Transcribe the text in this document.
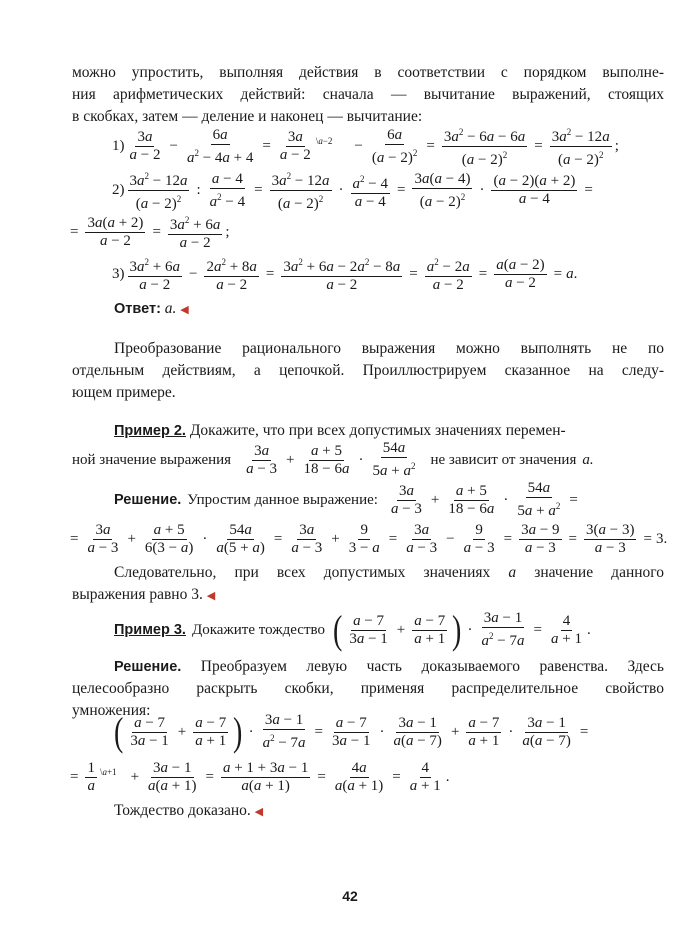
можно упростить, выполняя действия в соответствии с порядком выполне-
ния арифметических действий: сначала — вычитание выражений, стоящих
в скобках, затем — деление и наконец — вычитание:
1)
3a
a − 2
− $\frac{6a}{a^2 - 4a + 4} = \frac{3a}{a - 2}$ \a−2 − $\frac{6a}{(a - 2)^2} = \frac{3a^2 - 6a - 6a}{(a - 2)^2} = \frac{3a^2 - 12a}{(a - 2)^2}$ ;
2)
$3a^2 - 12a$
$(a - 2)^2$
: $\frac{a - 4}{a^2 - 4} = \frac{3a^2 - 12a}{(a - 2)^2} \cdot \frac{a^2 - 4}{a - 4} = \frac{3a(a - 4)}{(a - 2)^2} \cdot \frac{(a - 2)(a + 2)}{a - 4}$ =
= $\frac{3a(a + 2)}{a - 2} = \frac{3a^2 + 6a}{a - 2}$ ;
3) $3a^2 + 6a$
a − 2
− $\frac{2a^2 + 8a}{a - 2} = \frac{3a^2 + 6a - 2a^2 - 8a}{a - 2} = \frac{a^2 - 2a}{a - 2} = \frac{a(a - 2)}{a - 2} = a$.
Ответ: a. ◀
Преобразование рационального выражения можно выполнять не по
отдельным действиям, а цепочкой. Проиллюстрируем сказанное на следу-
ющем примере.
Пример 2. Докажите, что при всех допустимых значениях перемен-
ной значение выражения
3a
a − 3
+ $\frac{a + 5}{18 - 6a}$ ·
54a
$5a + a^2$ не зависит от значения a.
Решение. Упростим данное выражение:
3a
a − 3
+ $\frac{a + 5}{18 - 6a} \cdot \frac{54a}{5a + a^2}$ =
= $\frac{3a}{a - 3} + \frac{a + 5}{6(3 - a)} \cdot \frac{54a}{a(5 + a)} = \frac{3a}{a - 3} + \frac{9}{3 - a} = \frac{3a}{a - 3} - \frac{9}{a - 3} = \frac{3a - 9}{a - 3} = \frac{3(a - 3)}{a - 3} = 3$.
Следовательно, при всех допустимых значениях a значение данного
выражения равно 3. ◀
Пример 3. Докажите тождество ( a − 7
3a − 1
+ $\frac{a - 7}{a + 1}$ ) · $\frac{3a - 1}{a^2 - 7a} = \frac{4}{a + 1}$ .
Решение. Преобразуем левую часть доказываемого равенства. Здесь
целесообразно раскрыть скобки, применяя распределительное свойство
умножения:
( a − 7
3a − 1
+ $\frac{a - 7}{a + 1}$ ) · $\frac{3a - 1}{a^2 - 7a} = \frac{a - 7}{3a - 1}$ ·
3a − 1
a(a − 7)
+ $\frac{a - 7}{a + 1} \cdot \frac{3a - 1}{a(a - 7)}$ =
= $\frac{1}{a}$ \a+1 + $\frac{3a - 1}{a(a + 1)} = \frac{a + 1 + 3a - 1}{a(a + 1)} = \frac{4a}{a(a + 1)} = \frac{4}{a + 1}$ .
Тождество доказано. ◀
42
